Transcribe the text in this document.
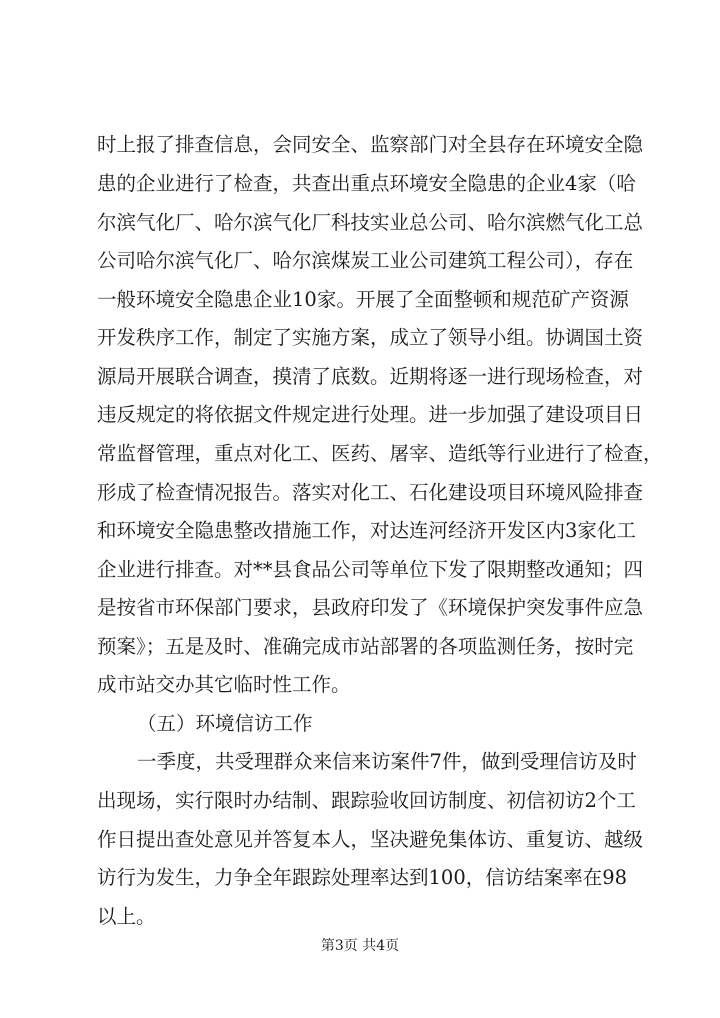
时上报了排查信息，会同安全、监察部门对全县存在环境安全隐
患的企业进行了检查，共查出重点环境安全隐患的企业4家（哈
尔滨气化厂、哈尔滨气化厂科技实业总公司、哈尔滨燃气化工总
公司哈尔滨气化厂、哈尔滨煤炭工业公司建筑工程公司），存在
一般环境安全隐患企业10家。开展了全面整顿和规范矿产资源
开发秩序工作，制定了实施方案，成立了领导小组。协调国土资
源局开展联合调查，摸清了底数。近期将逐一进行现场检查，对
违反规定的将依据文件规定进行处理。进一步加强了建设项目日
常监督管理，重点对化工、医药、屠宰、造纸等行业进行了检查，
形成了检查情况报告。落实对化工、石化建设项目环境风险排查
和环境安全隐患整改措施工作，对达连河经济开发区内3家化工
企业进行排查。对**县食品公司等单位下发了限期整改通知；四
是按省市环保部门要求，县政府印发了《环境保护突发事件应急
预案》；五是及时、准确完成市站部署的各项监测任务，按时完
成市站交办其它临时性工作。
（五）环境信访工作
一季度，共受理群众来信来访案件7件，做到受理信访及时
出现场，实行限时办结制、跟踪验收回访制度、初信初访2个工
作日提出查处意见并答复本人，坚决避免集体访、重复访、越级
访行为发生，力争全年跟踪处理率达到100，信访结案率在98
以上。
第3页 共4页
